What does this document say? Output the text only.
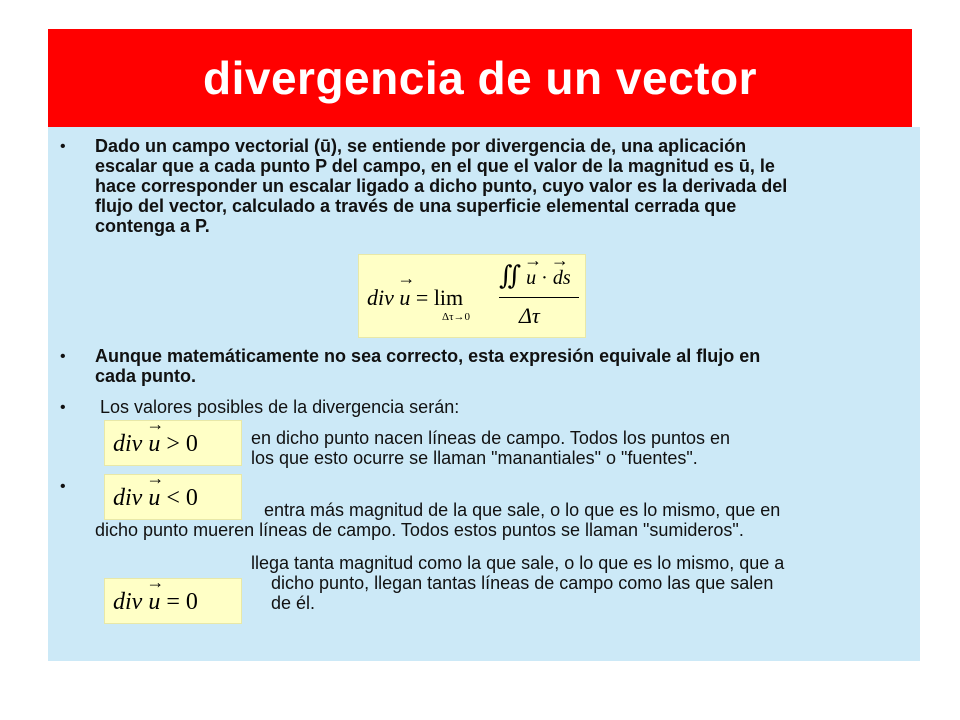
divergencia de un vector
• Dado un campo vectorial (ū), se entiende por divergencia de, una aplicación
escalar que a cada punto P del campo, en el que el valor de la magnitud es ū, le
hace corresponder un escalar ligado a dicho punto, cuyo valor es la derivada del
flujo del vector, calculado a través de una superficie elemental cerrada que
contenga a P.
div → u = lim
Δτ→0
∬ → u · → ds
Δτ
• Aunque matemáticamente no sea correcto, esta expresión equivale al flujo en
cada punto.
• Los valores posibles de la divergencia serán:
div → u > 0	en dicho punto nacen líneas de campo. Todos los puntos en
los que esto ocurre se llaman "manantiales" o "fuentes".
• div → u < 0	entra más magnitud de la que sale, o lo que es lo mismo, que en
dicho punto mueren líneas de campo. Todos estos puntos se llaman "sumideros".
llega tanta magnitud como la que sale, o lo que es lo mismo, que a
div → u = 0
dicho punto, llegan tantas líneas de campo como las que salen
de él.
